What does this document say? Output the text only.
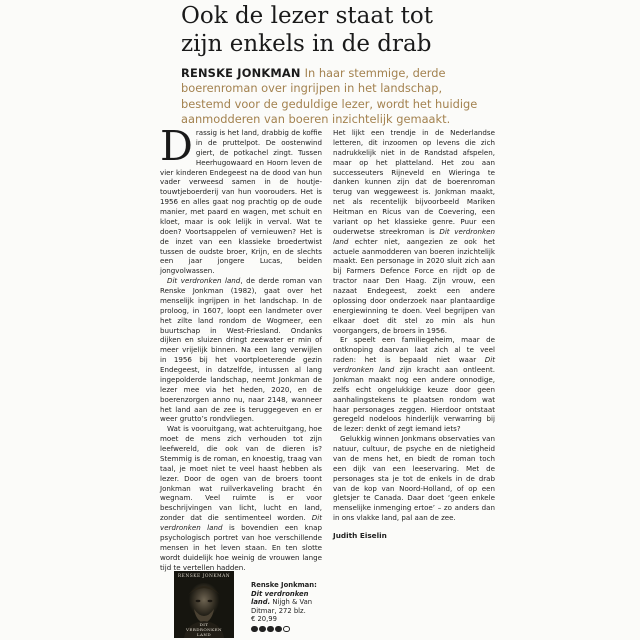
Ook de lezer staat tot
zijn enkels in de drab
RENSKE JONKMAN In haar stemmige, derde boerenroman over ingrijpen in het landschap, bestemd voor de geduldige lezer, wordt het huidige aanmodderen van boeren inzichtelijk gemaakt.

Drassig is het land, drabbig de koffie in de pruttelpot. De oostenwind giert, de potkachel zingt. Tussen Heerhugowaard en Hoorn leven de vier kinderen Endegeest na de dood van hun vader verweesd samen in de houtje-touwtjeboerderij van hun voorouders. Het is 1956 en alles gaat nog prachtig op de oude manier, met paard en wagen, met schuit en kloet, maar is ook lelijk in verval. Wat te doen? Voortsappelen of vernieuwen? Het is de inzet van een klassieke broedertwist tussen de oudste broer, Krijn, en de slechts een jaar jongere Lucas, beiden jongvolwassen.

Dit verdronken land, de derde roman van Renske Jonkman (1982), gaat over het menselijk ingrijpen in het landschap. In de proloog, in 1607, loopt een landmeter over het zilte land rondom de Wogmeer, een buurtschap in West-Friesland. Ondanks dijken en sluizen dringt zeewater er min of meer vrijelijk binnen. Na een lang verwijlen in 1956 bij het voortploeterende gezin Endegeest, in datzelfde, intussen al lang ingepolderde landschap, neemt Jonkman de lezer mee via het heden, 2020, en de boerenzorgen anno nu, naar 2148, wanneer het land aan de zee is teruggegeven en er weer grutto’s rondvliegen.

Wat is vooruitgang, wat achteruitgang, hoe moet de mens zich verhouden tot zijn leefwereld, die ook van de dieren is? Stemmig is de roman, en knoestig, traag van taal, je moet niet te veel haast hebben als lezer. Door de ogen van de broers toont Jonkman wat ruilverkaveling bracht én wegnam. Veel ruimte is er voor beschrijvingen van licht, lucht en land, zonder dat die sentimenteel worden. Dit verdronken land is bovendien een knap psychologisch portret van hoe verschillende mensen in het leven staan. En ten slotte wordt duidelijk hoe weinig de vrouwen lange tijd te vertellen hadden.

Het lijkt een trendje in de Nederlandse letteren, dit inzoomen op levens die zich nadrukkelijk niet in de Randstad afspelen, maar op het platteland. Het zou aan successeuters Rijneveld en Wieringa te danken kunnen zijn dat de boerenroman terug van weggeweest is. Jonkman maakt, net als recentelijk bijvoorbeeld Mariken Heitman en Ricus van de Coevering, een variant op het klassieke genre. Puur een ouderwetse streekroman is Dit verdronken land echter niet, aangezien ze ook het actuele aanmodderen van boeren inzichtelijk maakt. Een personage in 2020 sluit zich aan bij Farmers Defence Force en rijdt op de tractor naar Den Haag. Zijn vrouw, een nazaat Endegeest, zoekt een andere oplossing door onderzoek naar plantaardige energiewinning te doen. Veel begrijpen van elkaar doet dit stel zo min als hun voorgangers, de broers in 1956.

Er speelt een familiegeheim, maar de ontknoping daarvan laat zich al te veel raden: het is bepaald niet waar Dit verdronken land zijn kracht aan ontleent. Jonkman maakt nog een andere onnodige, zelfs echt ongelukkige keuze door geen aanhalingstekens te plaatsen rondom wat haar personages zeggen. Hierdoor ontstaat geregeld nodeloos hinderlijk verwarring bij de lezer: denkt of zegt iemand iets?

Gelukkig winnen Jonkmans observaties van natuur, cultuur, de psyche en de nietigheid van de mens het, en biedt de roman toch een dijk van een leeservaring. Met de personages sta je tot de enkels in de drab van de kop van Noord-Holland, of op een gletsjer te Canada. Daar doet ‘geen enkele menselijke inmenging ertoe’ – zo anders dan in ons vlakke land, pal aan de zee.

Judith Eiselin
RENSKE JONKMAN
DIT
VERDRONKEN
LAND
Renske Jonkman:
Dit verdronken
land. Nijgh & Van
Ditmar, 272 blz.
€ 20,99
